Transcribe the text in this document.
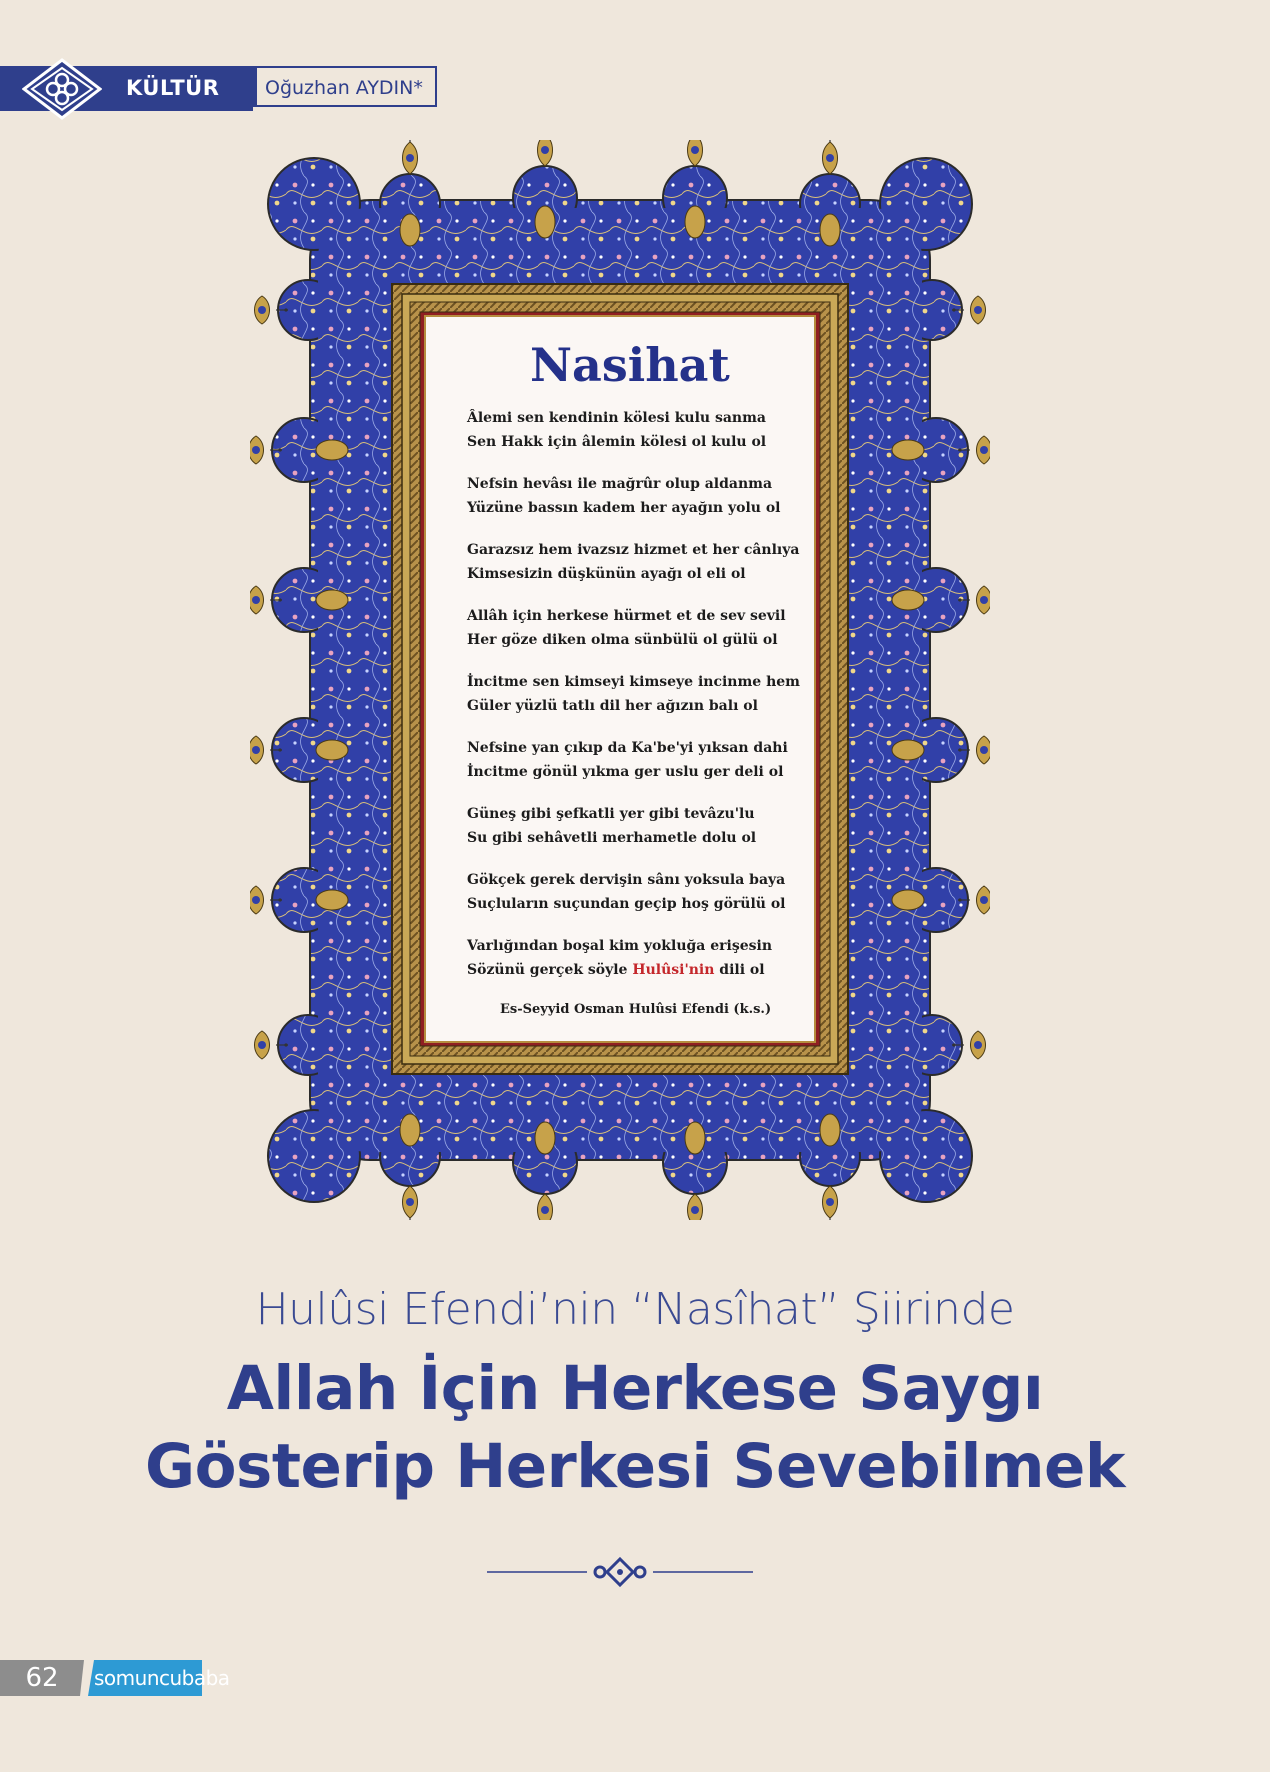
KÜLTÜR	Oğuzhan AYDIN*
Nasihat
Âlemi sen kendinin kölesi kulu sanma
Sen Hakk için âlemin kölesi ol kulu ol
Nefsin hevâsı ile mağrûr olup aldanma
Yüzüne bassın kadem her ayağın yolu ol
Garazsız hem ivazsız hizmet et her cânlıya
Kimsesizin düşkünün ayağı ol eli ol
Allâh için herkese hürmet et de sev sevil
Her göze diken olma sünbülü ol gülü ol
İncitme sen kimseyi kimseye incinme hem
Güler yüzlü tatlı dil her ağızın balı ol
Nefsine yan çıkıp da Ka'be'yi yıksan dahi
İncitme gönül yıkma ger uslu ger deli ol
Güneş gibi şefkatli yer gibi tevâzu'lu
Su gibi sehâvetli merhametle dolu ol
Gökçek gerek dervişin sânı yoksula baya
Suçluların suçundan geçip hoş görülü ol
Varlığından boşal kim yokluğa erişesin
Sözünü gerçek söyle Hulûsi'nin dili ol
Es-Seyyid Osman Hulûsi Efendi (k.s.)
Hulûsi Efendi’nin “Nasîhat” Şiirinde
Allah İçin Herkese Saygı
Gösterip Herkesi Sevebilmek
62	somuncubaba
